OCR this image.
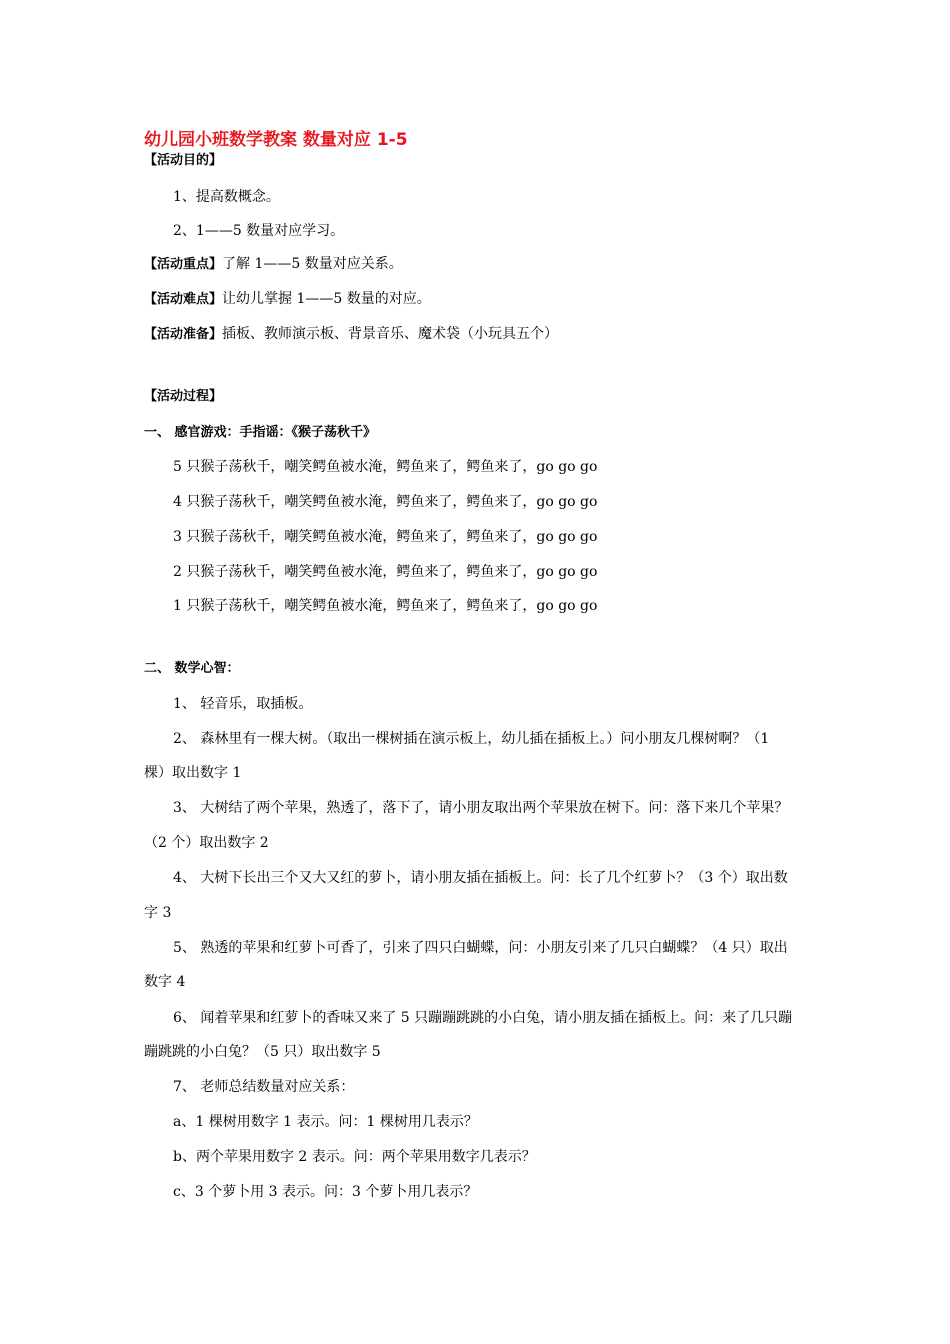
幼儿园小班数学教案 数量对应 1-5
【活动目的】
1、提高数概念。
2、1——5 数量对应学习。
【活动重点】了解 1——5 数量对应关系。
【活动难点】让幼儿掌握 1——5 数量的对应。
【活动准备】插板、教师演示板、背景音乐、魔术袋（小玩具五个）
【活动过程】
一、 感官游戏：手指谣：《猴子荡秋千》
5 只猴子荡秋千，嘲笑鳄鱼被水淹，鳄鱼来了，鳄鱼来了，go go go
4 只猴子荡秋千，嘲笑鳄鱼被水淹，鳄鱼来了，鳄鱼来了，go go go
3 只猴子荡秋千，嘲笑鳄鱼被水淹，鳄鱼来了，鳄鱼来了，go go go
2 只猴子荡秋千，嘲笑鳄鱼被水淹，鳄鱼来了，鳄鱼来了，go go go
1 只猴子荡秋千，嘲笑鳄鱼被水淹，鳄鱼来了，鳄鱼来了，go go go
二、 数学心智：
1、 轻音乐，取插板。
2、 森林里有一棵大树。（取出一棵树插在演示板上，幼儿插在插板上。）问小朋友几棵树啊？（1
棵）取出数字 1
3、 大树结了两个苹果，熟透了，落下了，请小朋友取出两个苹果放在树下。问：落下来几个苹果？
（2 个）取出数字 2
4、 大树下长出三个又大又红的萝卜，请小朋友插在插板上。问：长了几个红萝卜？（3 个）取出数
字 3
5、 熟透的苹果和红萝卜可香了，引来了四只白蝴蝶，问：小朋友引来了几只白蝴蝶？（4 只）取出
数字 4
6、 闻着苹果和红萝卜的香味又来了 5 只蹦蹦跳跳的小白兔，请小朋友插在插板上。问：来了几只蹦
蹦跳跳的小白兔？（5 只）取出数字 5
7、 老师总结数量对应关系：
a、1 棵树用数字 1 表示。问：1 棵树用几表示？
b、两个苹果用数字 2 表示。问：两个苹果用数字几表示？
c、3 个萝卜用 3 表示。问：3 个萝卜用几表示？
